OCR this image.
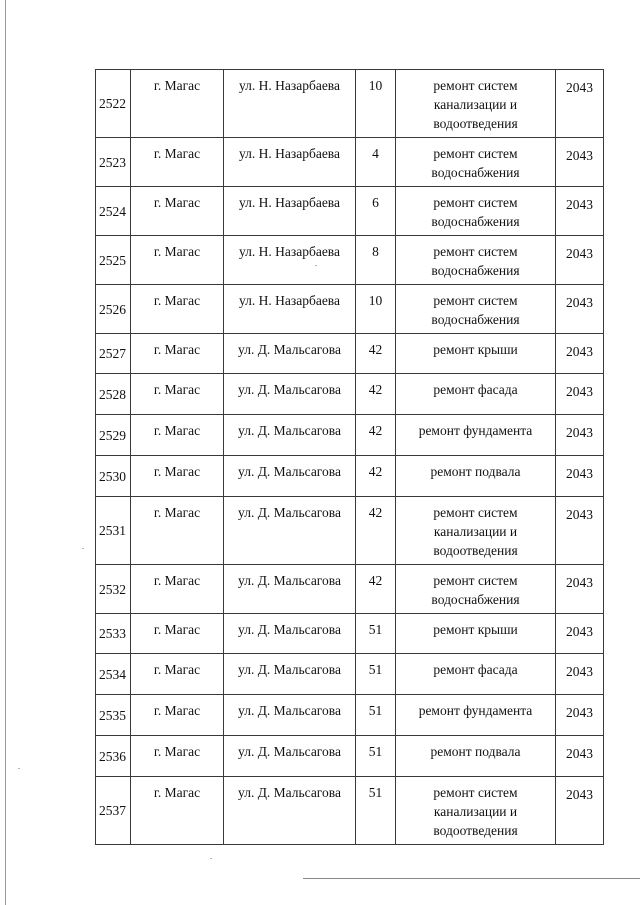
2522	г. Магас	ул. Н. Назарбаева	10	ремонт систем канализации и водоотведения	2043
2523	г. Магас	ул. Н. Назарбаева	4	ремонт систем водоснабжения	2043
2524	г. Магас	ул. Н. Назарбаева	6	ремонт систем водоснабжения	2043
2525	г. Магас	ул. Н. Назарбаева	8	ремонт систем водоснабжения	2043
2526	г. Магас	ул. Н. Назарбаева	10	ремонт систем водоснабжения	2043
2527	г. Магас	ул. Д. Мальсагова	42	ремонт крыши	2043
2528	г. Магас	ул. Д. Мальсагова	42	ремонт фасада	2043
2529	г. Магас	ул. Д. Мальсагова	42	ремонт фундамента	2043
2530	г. Магас	ул. Д. Мальсагова	42	ремонт подвала	2043
2531	г. Магас	ул. Д. Мальсагова	42	ремонт систем канализации и водоотведения	2043
2532	г. Магас	ул. Д. Мальсагова	42	ремонт систем водоснабжения	2043
2533	г. Магас	ул. Д. Мальсагова	51	ремонт крыши	2043
2534	г. Магас	ул. Д. Мальсагова	51	ремонт фасада	2043
2535	г. Магас	ул. Д. Мальсагова	51	ремонт фундамента	2043
2536	г. Магас	ул. Д. Мальсагова	51	ремонт подвала	2043
2537	г. Магас	ул. Д. Мальсагова	51	ремонт систем канализации и водоотведения	2043
